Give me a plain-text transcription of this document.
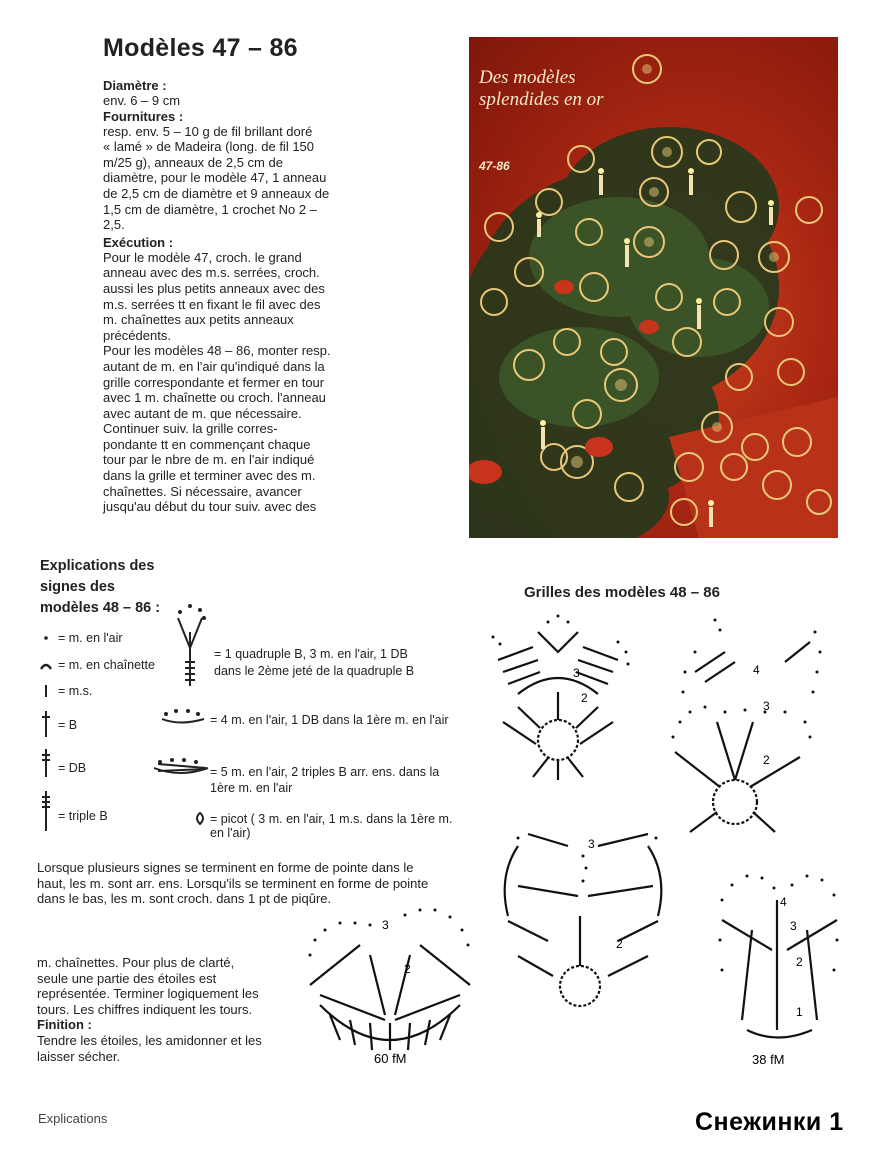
Modèles 47 – 86
Diamètre :
env. 6 – 9 cm
Fournitures :
resp. env. 5 – 10 g de fil brillant doré
« lamé » de Madeira (long. de fil 150
m/25 g), anneaux de 2,5 cm de
diamètre, pour le modèle 47, 1 anneau
de 2,5 cm de diamètre et 9 anneaux de
1,5 cm de diamètre, 1 crochet No 2 –
2,5.
Exécution :
Pour le modèle 47, croch. le grand
anneau avec des m.s. serrées, croch.
aussi les plus petits anneaux avec des
m.s. serrées tt en fixant le fil avec des
m. chaînettes aux petits anneaux
précédents.
Pour les modèles 48 – 86, monter resp.
autant de m. en l'air qu'indiqué dans la
grille correspondante et fermer en tour
avec 1 m. chaînette ou croch. l'anneau
avec autant de m. que nécessaire.
Continuer suiv. la grille corres-
pondante tt en commençant chaque
tour par le nbre de m. en l'air indiqué
dans la grille et terminer avec des m.
chaînettes. Si nécessaire, avancer
jusqu'au début du tour suiv. avec des
Des modèles splendides en or
47-86
Explications des
signes des
modèles 48 – 86 :
= m. en l'air
= m. en chaînette
= m.s.
= B
= DB
= triple B
= 1 quadruple B, 3 m. en l'air, 1 DB
dans le 2ème jeté de la quadruple B
= 4 m. en l'air, 1 DB dans la 1ère m. en l'air
= 5 m. en l'air, 2 triples B arr. ens. dans la
1ère m. en l'air
= picot ( 3 m. en l'air, 1 m.s. dans la 1ère m.
en l'air)
Lorsque plusieurs signes se terminent en forme de pointe dans le
haut, les m. sont arr. ens. Lorsqu'ils se terminent en forme de pointe
dans le bas, les m. sont croch. dans 1 pt de piqûre.
m. chaînettes. Pour plus de clarté,
seule une partie des étoiles est
représentée. Terminer logiquement les
tours. Les chiffres indiquent les tours.
Finition :
Tendre les étoiles, les amidonner et les
laisser sécher.
Grilles des modèles 48 – 86
3
2
4
3
2
3
2
3
2
60 fM
4
3
2
1
38 fM
Explications	Снежинки 1
